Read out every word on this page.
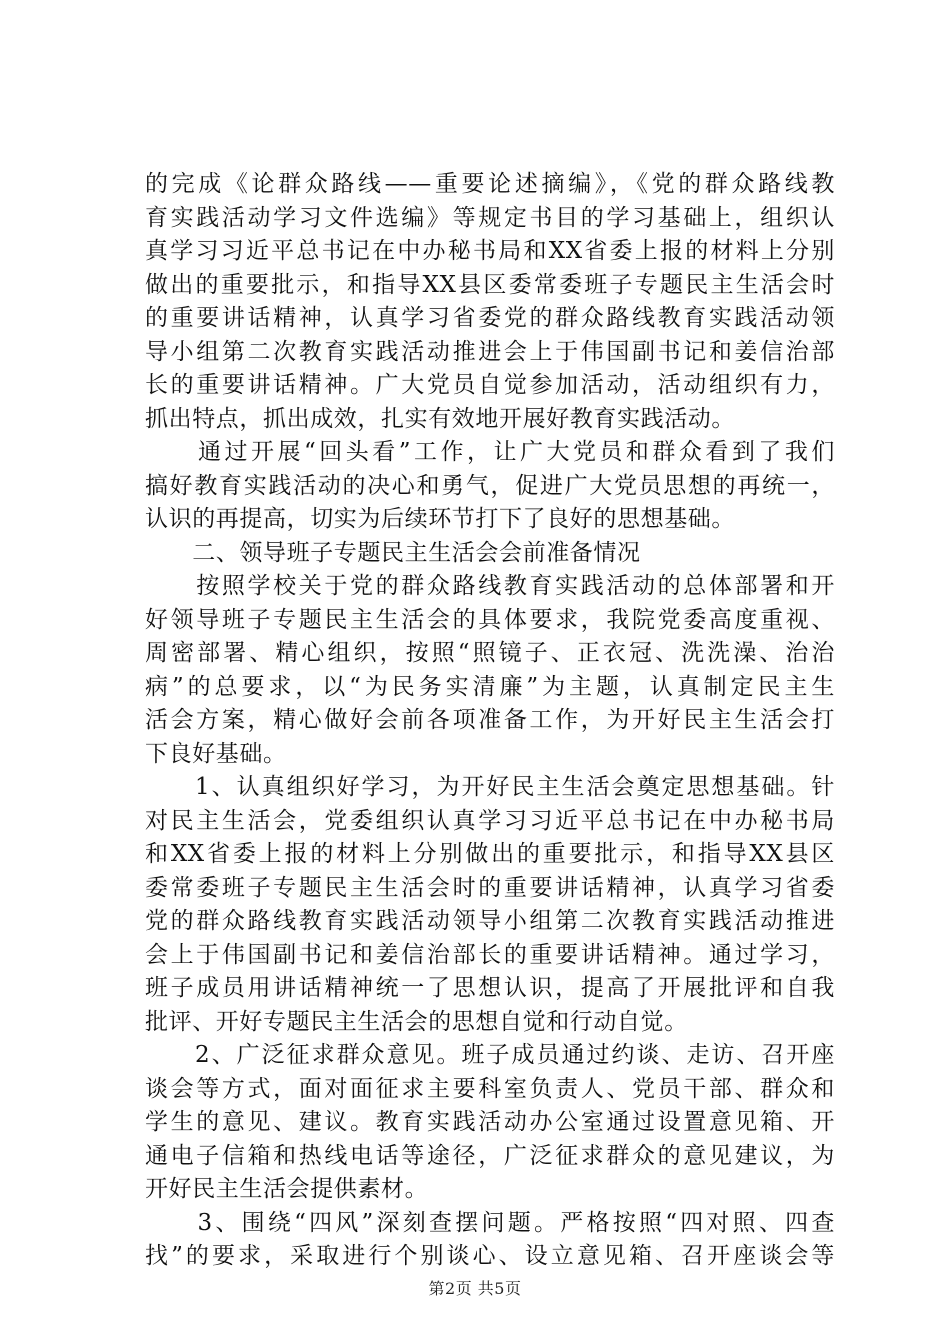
的完成《论群众路线——重要论述摘编》，《党的群众路线教
育实践活动学习文件选编》等规定书目的学习基础上，组织认
真学习习近平总书记在中办秘书局和XX省委上报的材料上分别
做出的重要批示，和指导XX县区委常委班子专题民主生活会时
的重要讲话精神，认真学习省委党的群众路线教育实践活动领
导小组第二次教育实践活动推进会上于伟国副书记和姜信治部
长的重要讲话精神。广大党员自觉参加活动，活动组织有力，
抓出特点，抓出成效，扎实有效地开展好教育实践活动。
　　通过开展“回头看”工作，让广大党员和群众看到了我们
搞好教育实践活动的决心和勇气，促进广大党员思想的再统一，
认识的再提高，切实为后续环节打下了良好的思想基础。
　　二、领导班子专题民主生活会会前准备情况
　　按照学校关于党的群众路线教育实践活动的总体部署和开
好领导班子专题民主生活会的具体要求，我院党委高度重视、
周密部署、精心组织，按照“照镜子、正衣冠、洗洗澡、治治
病”的总要求，以“为民务实清廉”为主题，认真制定民主生
活会方案，精心做好会前各项准备工作，为开好民主生活会打
下良好基础。
　　1、认真组织好学习，为开好民主生活会奠定思想基础。针
对民主生活会，党委组织认真学习习近平总书记在中办秘书局
和XX省委上报的材料上分别做出的重要批示，和指导XX县区
委常委班子专题民主生活会时的重要讲话精神，认真学习省委
党的群众路线教育实践活动领导小组第二次教育实践活动推进
会上于伟国副书记和姜信治部长的重要讲话精神。通过学习，
班子成员用讲话精神统一了思想认识，提高了开展批评和自我
批评、开好专题民主生活会的思想自觉和行动自觉。
　　2、广泛征求群众意见。班子成员通过约谈、走访、召开座
谈会等方式，面对面征求主要科室负责人、党员干部、群众和
学生的意见、建议。教育实践活动办公室通过设置意见箱、开
通电子信箱和热线电话等途径，广泛征求群众的意见建议，为
开好民主生活会提供素材。
　　3、围绕“四风”深刻查摆问题。严格按照“四对照、四查
找”的要求，采取进行个别谈心、设立意见箱、召开座谈会等
第2页 共5页
